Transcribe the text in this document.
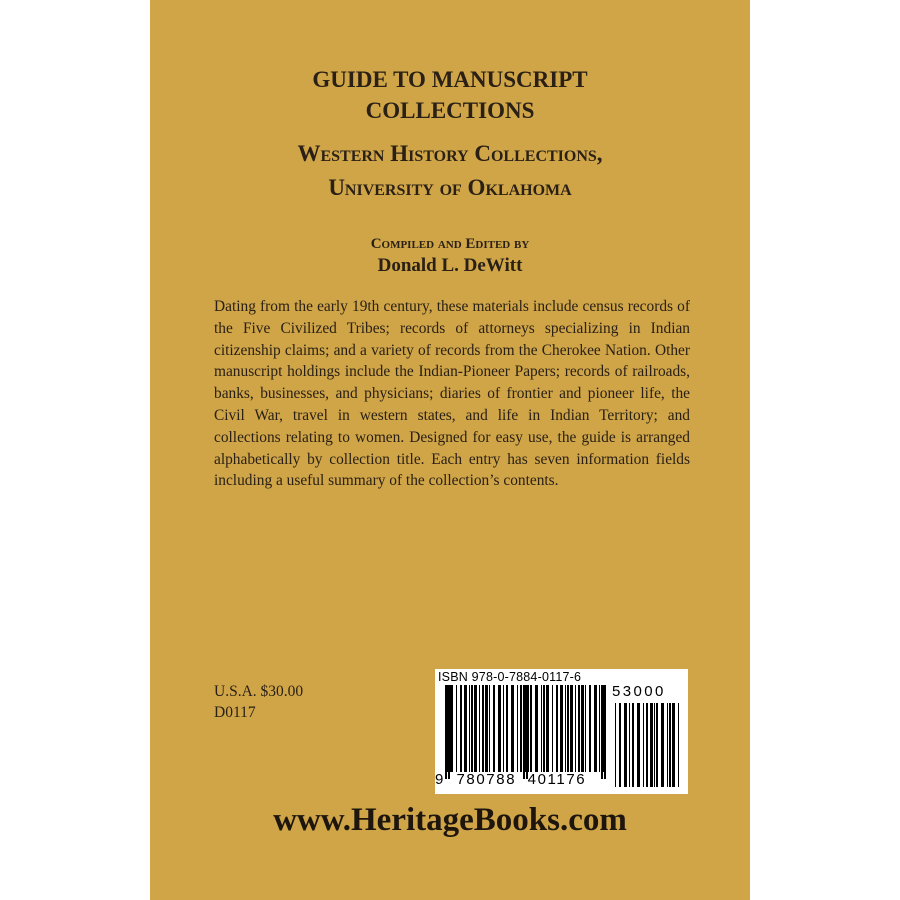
GUIDE TO MANUSCRIPT
COLLECTIONS
Western History Collections,
University of Oklahoma
Compiled and Edited by
Donald L. DeWitt
Dating from the early 19th century, these materials include census records of the Five Civilized Tribes; records of attorneys specializing in Indian citizenship claims; and a variety of records from the Cherokee Nation. Other manuscript holdings include the Indian-Pioneer Papers; records of railroads, banks, businesses, and physicians; diaries of frontier and pioneer life, the Civil War, travel in western states, and life in Indian Territory; and collections relating to women. Designed for easy use, the guide is arranged alphabetically by collection title. Each entry has seven information fields including a useful summary of the collection’s contents.
U.S.A. $30.00
D0117
ISBN 978-0-7884-0117-6
53000
9  780788  401176
www.HeritageBooks.com
